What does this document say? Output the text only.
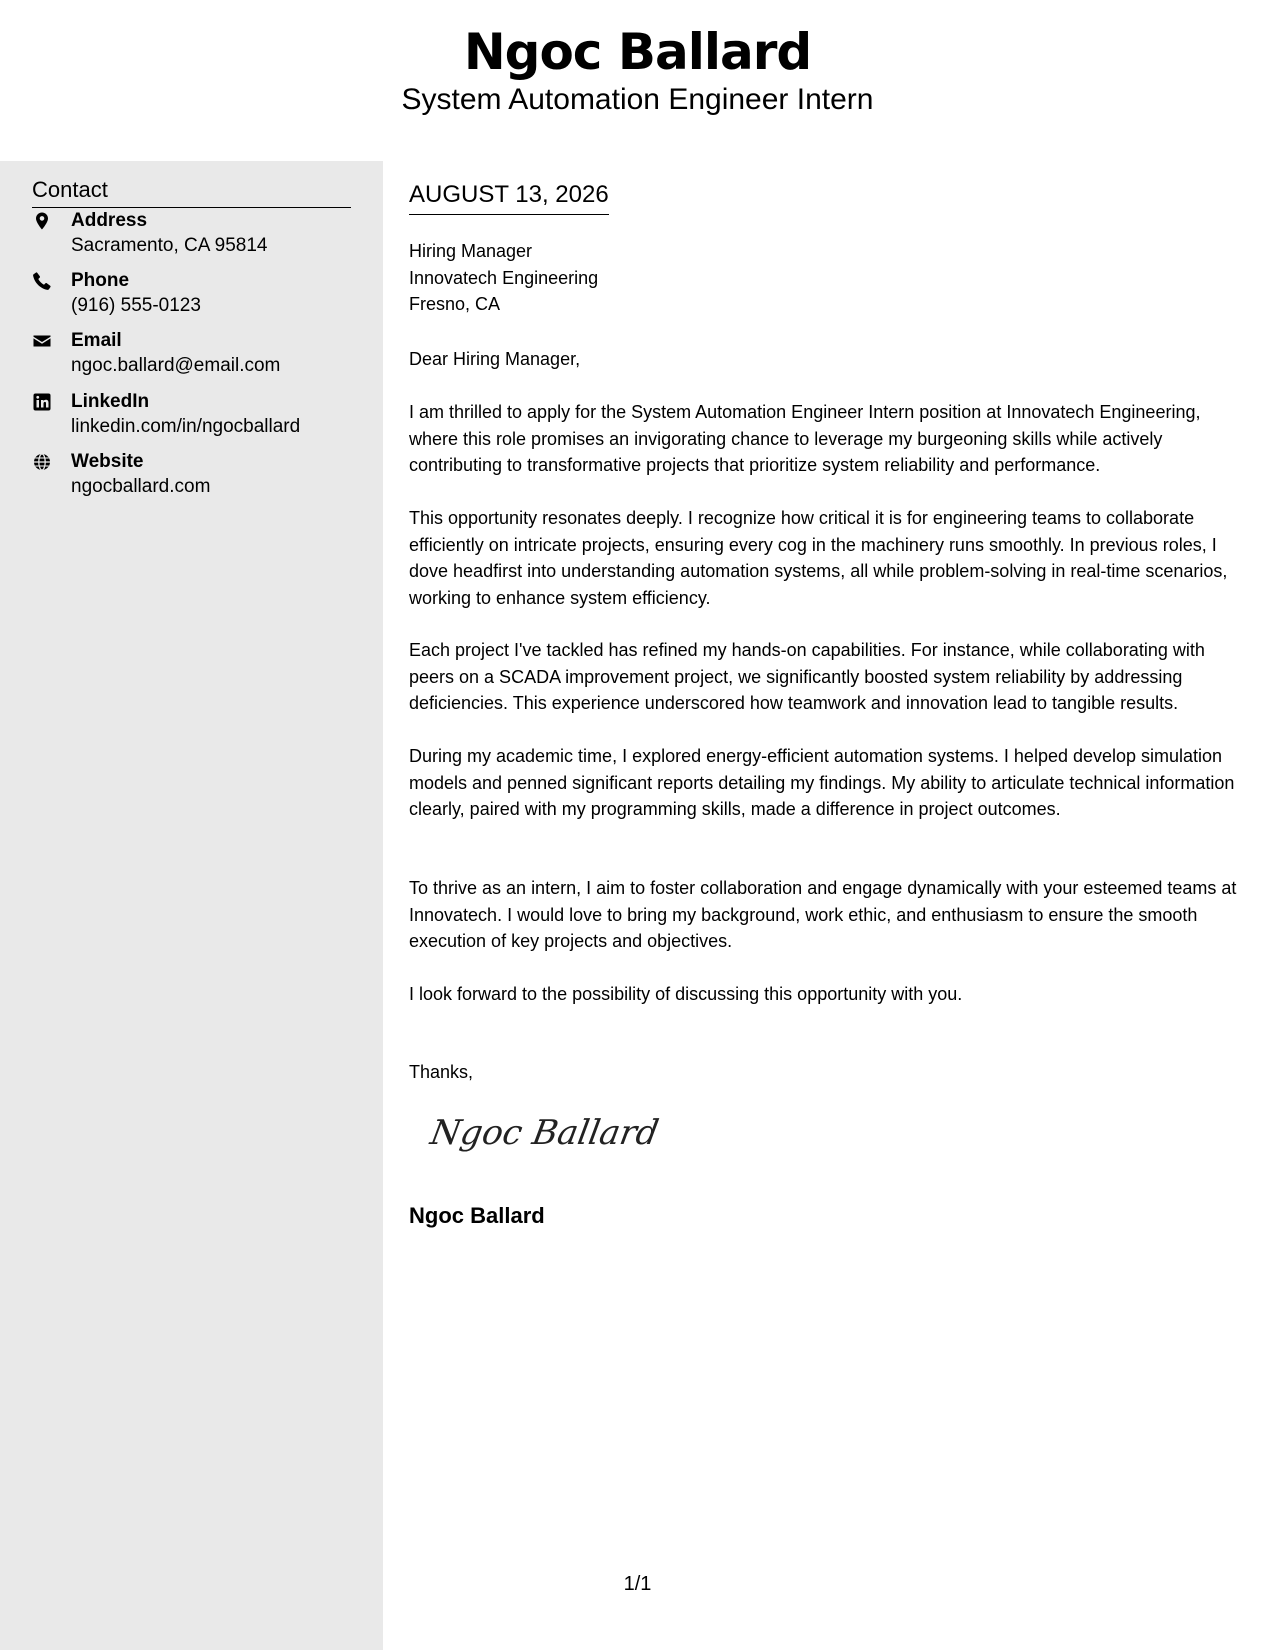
Ngoc Ballard
System Automation Engineer Intern
Contact
Address
Sacramento, CA 95814
Phone
(916) 555-0123
Email
ngoc.ballard@email.com
LinkedIn
linkedin.com/in/ngocballard
Website
ngocballard.com
AUGUST 13, 2026
Hiring Manager
Innovatech Engineering
Fresno, CA
Dear Hiring Manager,
I am thrilled to apply for the System Automation Engineer Intern position at Innovatech Engineering, where this role promises an invigorating chance to leverage my burgeoning skills while actively contributing to transformative projects that prioritize system reliability and performance.
This opportunity resonates deeply. I recognize how critical it is for engineering teams to collaborate efficiently on intricate projects, ensuring every cog in the machinery runs smoothly. In previous roles, I dove headfirst into understanding automation systems, all while problem-solving in real-time scenarios, working to enhance system efficiency.
Each project I've tackled has refined my hands-on capabilities. For instance, while collaborating with peers on a SCADA improvement project, we significantly boosted system reliability by addressing deficiencies. This experience underscored how teamwork and innovation lead to tangible results.
During my academic time, I explored energy-efficient automation systems. I helped develop simulation models and penned significant reports detailing my findings. My ability to articulate technical information clearly, paired with my programming skills, made a difference in project outcomes.
To thrive as an intern, I aim to foster collaboration and engage dynamically with your esteemed teams at Innovatech. I would love to bring my background, work ethic, and enthusiasm to ensure the smooth execution of key projects and objectives.
I look forward to the possibility of discussing this opportunity with you.
Thanks,
Ngoc Ballard
Ngoc Ballard
1/1
